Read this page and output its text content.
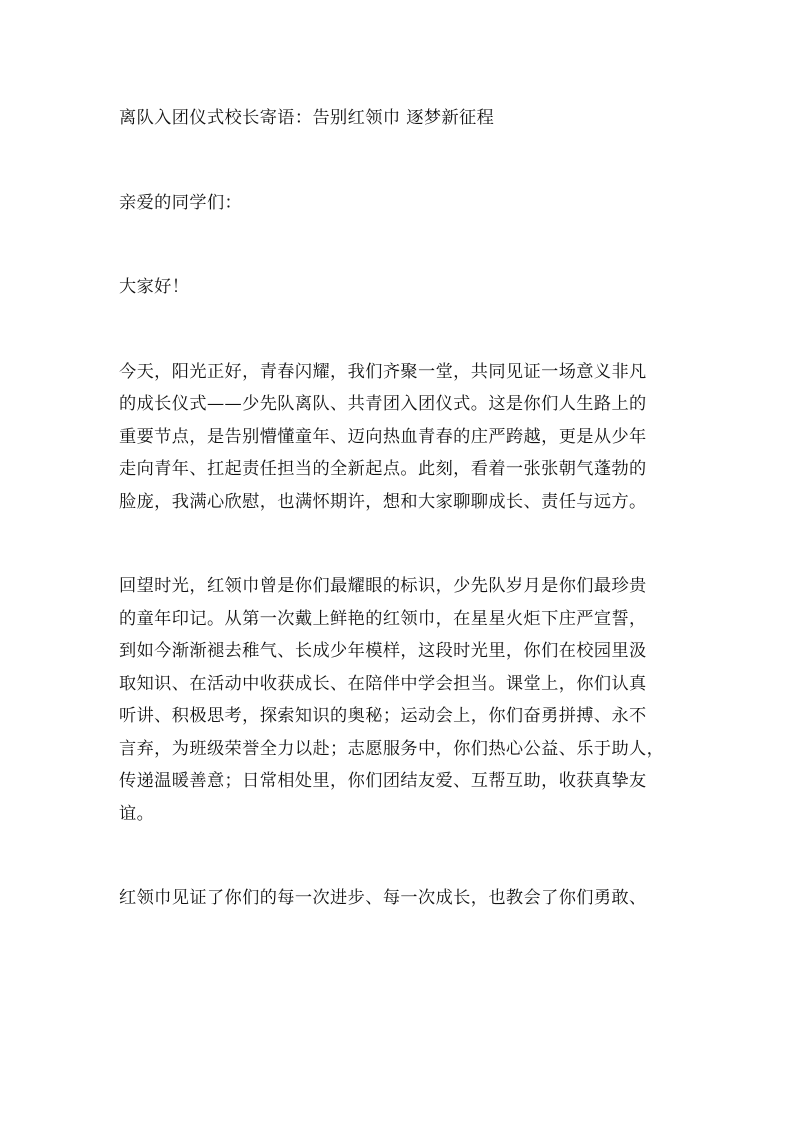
离队入团仪式校长寄语：告别红领巾 逐梦新征程
亲爱的同学们：
大家好！
今天，阳光正好，青春闪耀，我们齐聚一堂，共同见证一场意义非凡
的成长仪式——少先队离队、共青团入团仪式。这是你们人生路上的
重要节点，是告别懵懂童年、迈向热血青春的庄严跨越，更是从少年
走向青年、扛起责任担当的全新起点。此刻，看着一张张朝气蓬勃的
脸庞，我满心欣慰，也满怀期许，想和大家聊聊成长、责任与远方。
回望时光，红领巾曾是你们最耀眼的标识，少先队岁月是你们最珍贵
的童年印记。从第一次戴上鲜艳的红领巾，在星星火炬下庄严宣誓，
到如今渐渐褪去稚气、长成少年模样，这段时光里，你们在校园里汲
取知识、在活动中收获成长、在陪伴中学会担当。课堂上，你们认真
听讲、积极思考，探索知识的奥秘；运动会上，你们奋勇拼搏、永不
言弃，为班级荣誉全力以赴；志愿服务中，你们热心公益、乐于助人，
传递温暖善意；日常相处里，你们团结友爱、互帮互助，收获真挚友
谊。
红领巾见证了你们的每一次进步、每一次成长，也教会了你们勇敢、
